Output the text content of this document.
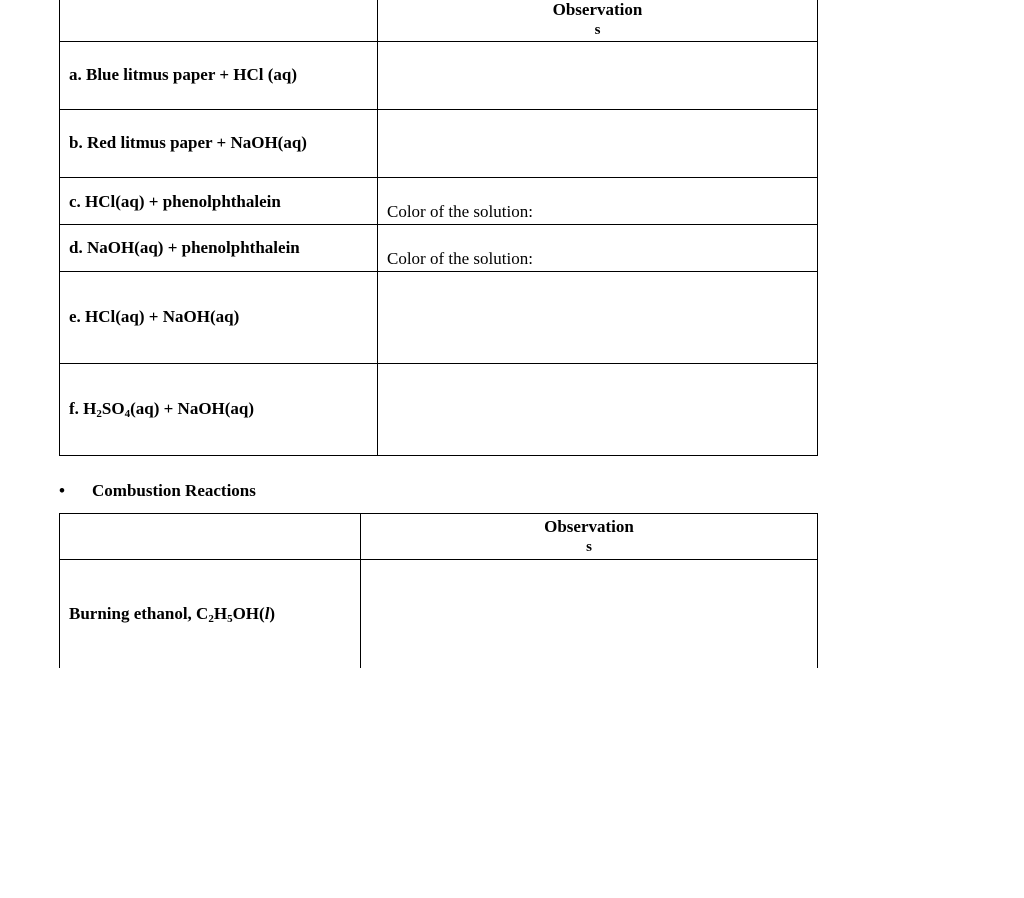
	Observation
s

a. Blue litmus paper + HCl (aq)	
b. Red litmus paper + NaOH(aq)	
c. HCl(aq) + phenolphthalein	Color of the solution:
d. NaOH(aq) + phenolphthalein	Color of the solution:
e. HCl(aq) + NaOH(aq)	
f. $H_2SO_4(aq)$ + NaOH(aq)	
• Combustion Reactions

	Observation
s

Burning ethanol, $C_2H_5OH(l)$	
